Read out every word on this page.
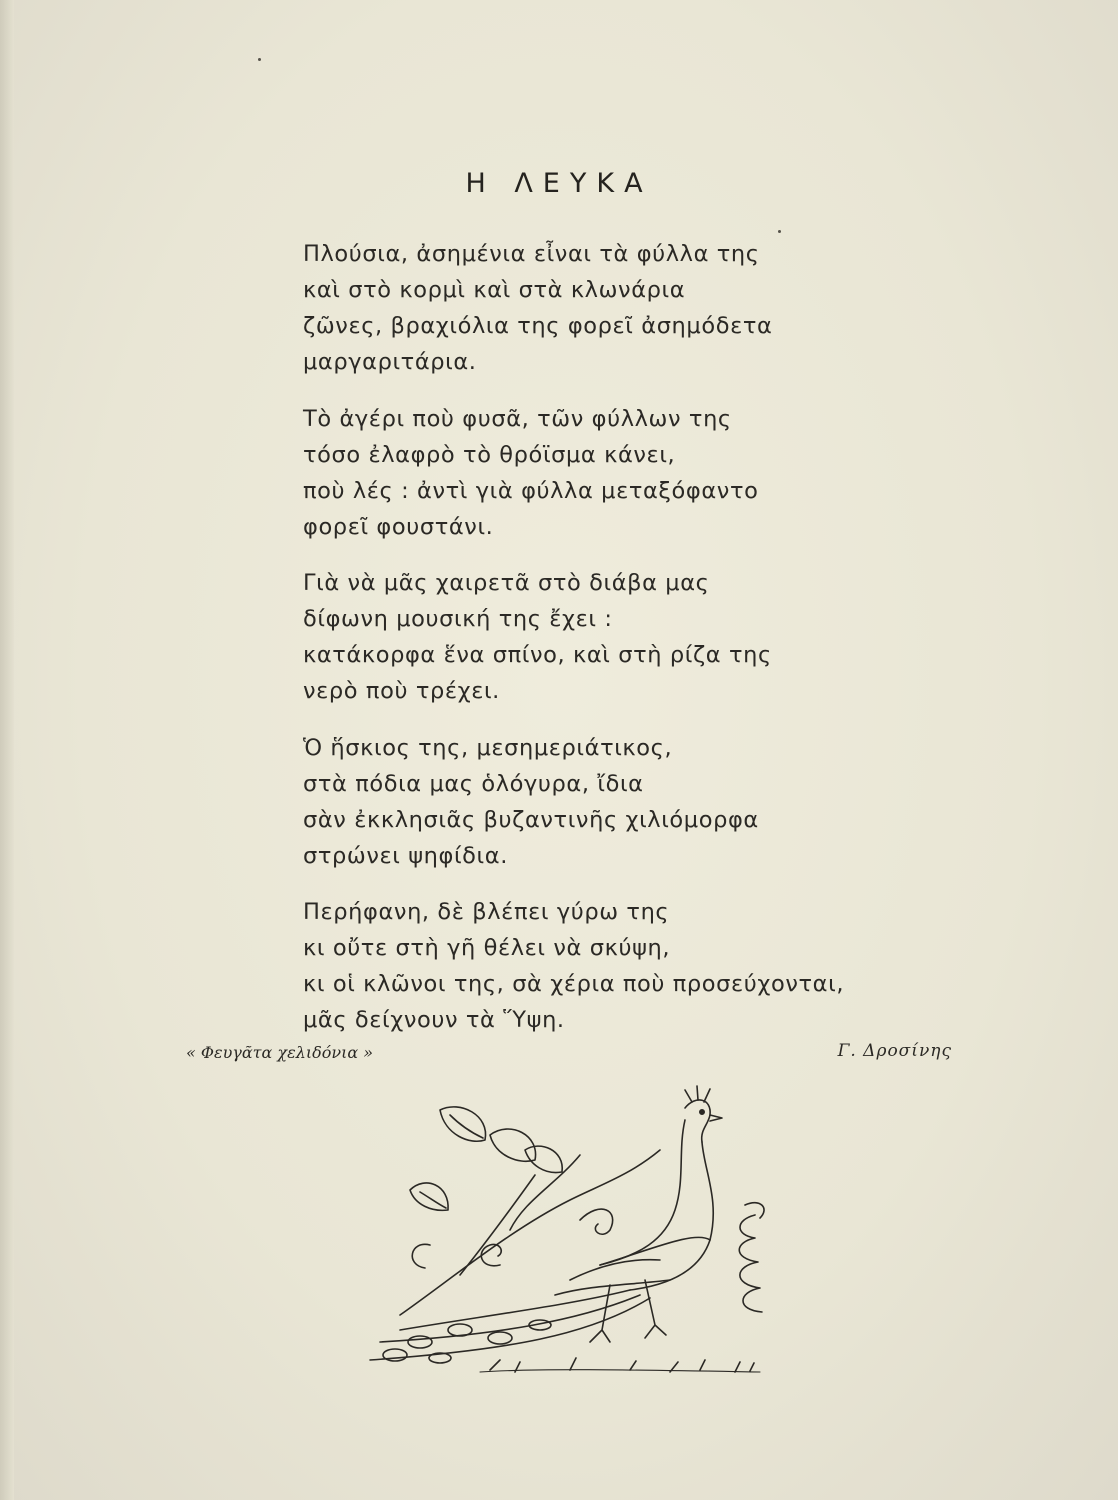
Η ΛΕΥΚΑ
Πλούσια, ἀσημένια εἶναι τὰ φύλλα της
καὶ στὸ κορμὶ καὶ στὰ κλωνάρια
ζῶνες, βραχιόλια της φορεῖ ἀσημόδετα
μαργαριτάρια.
Τὸ ἀγέρι ποὺ φυσᾶ, τῶν φύλλων της
τόσο ἐλαφρὸ τὸ θρόϊσμα κάνει,
ποὺ λές : ἀντὶ γιὰ φύλλα μεταξόφαντο
φορεῖ φουστάνι.
Γιὰ νὰ μᾶς χαιρετᾶ στὸ διάβα μας
δίφωνη μουσική της ἔχει :
κατάκορφα ἕνα σπίνο, καὶ στὴ ρίζα της
νερὸ ποὺ τρέχει.
Ὁ ἥσκιος της, μεσημεριάτικος,
στὰ πόδια μας ὁλόγυρα, ἴδια
σὰν ἐκκλησιᾶς βυζαντινῆς χιλιόμορφα
στρώνει ψηφίδια.
Περήφανη, δὲ βλέπει γύρω της
κι οὔτε στὴ γῆ θέλει νὰ σκύψη,
κι οἱ κλῶνοι της, σὰ χέρια ποὺ προσεύχονται,
μᾶς δείχνουν τὰ Ὕψη.
« Φευγᾶτα χελιδόνια »	Γ. Δροσίνης
